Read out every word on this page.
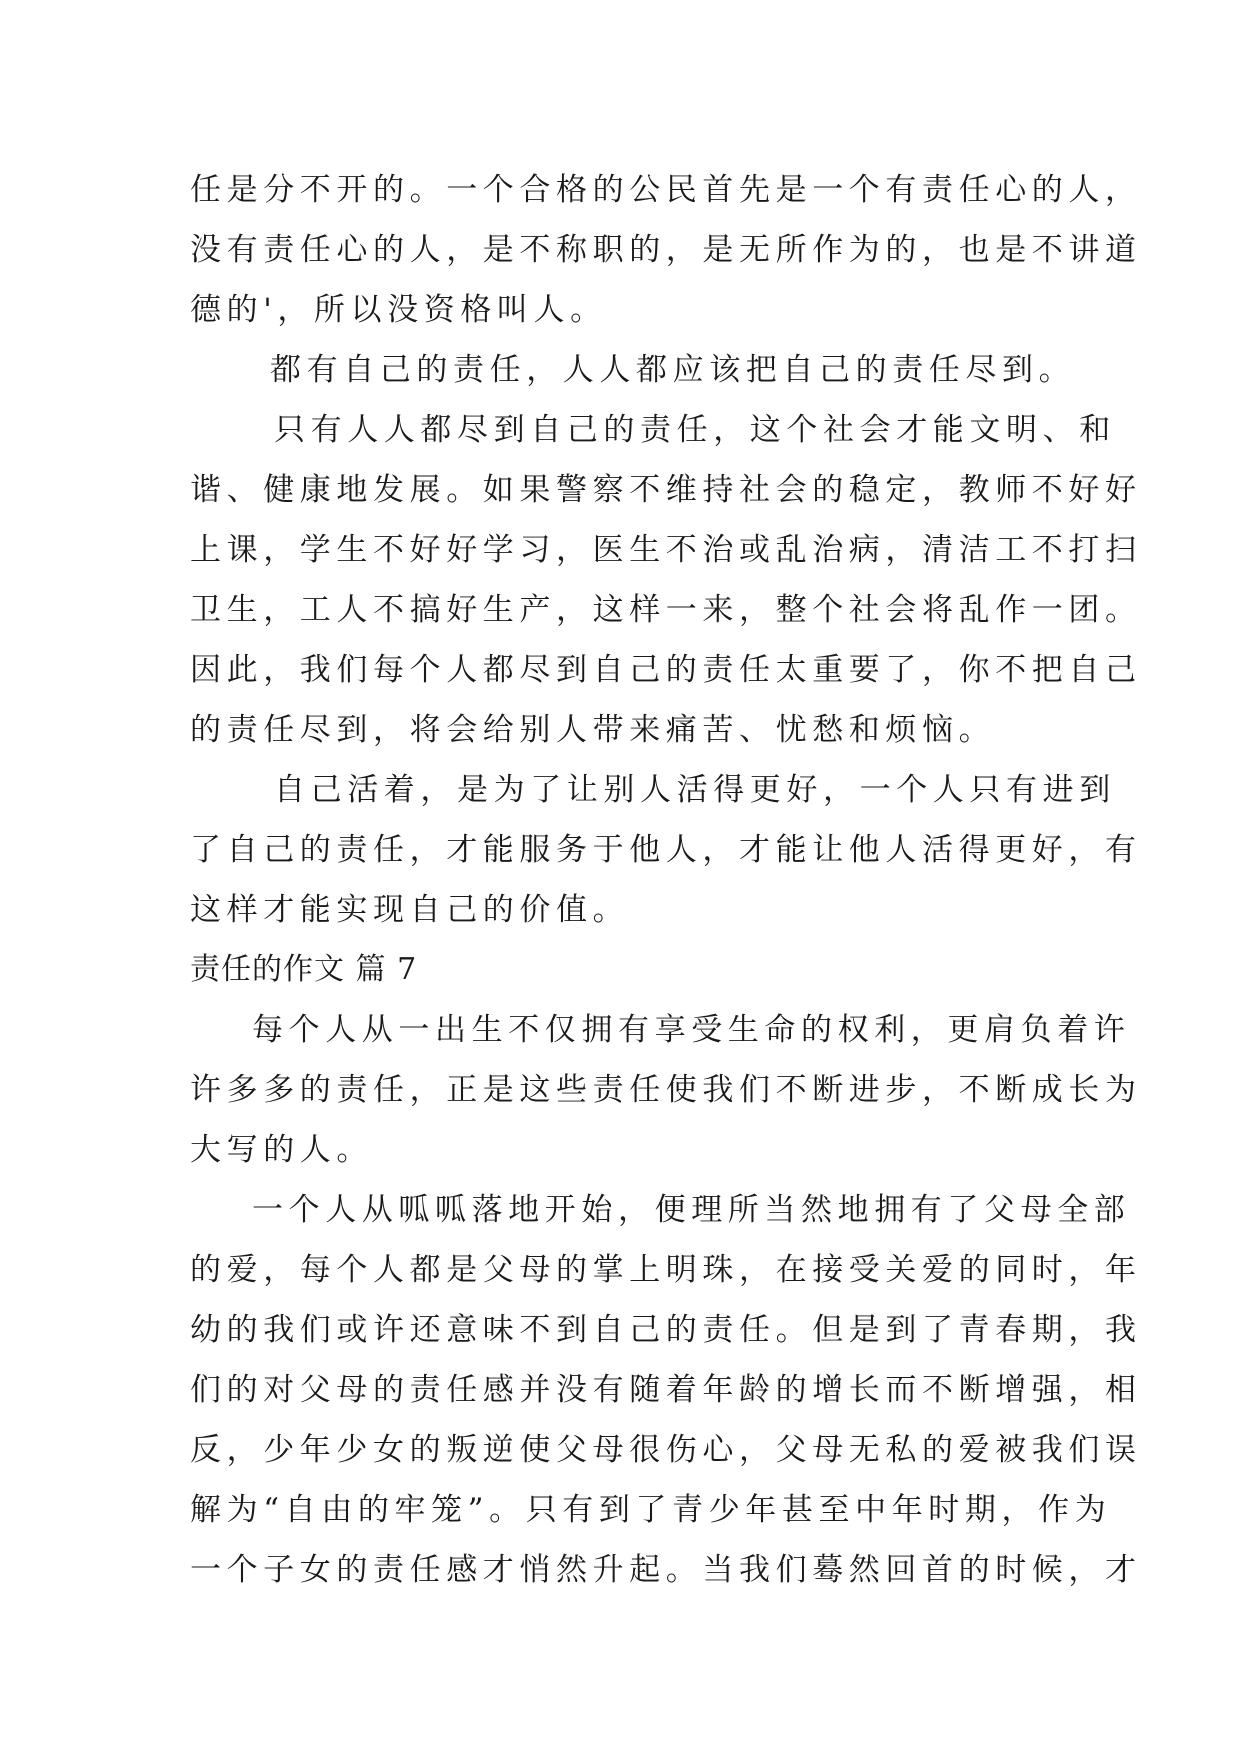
任是分不开的。一个合格的公民首先是一个有责任心的人，
没有责任心的人，是不称职的，是无所作为的，也是不讲道
德的'，所以没资格叫人。
都有自己的责任，人人都应该把自己的责任尽到。
只有人人都尽到自己的责任，这个社会才能文明、和
谐、健康地发展。如果警察不维持社会的稳定，教师不好好
上课，学生不好好学习，医生不治或乱治病，清洁工不打扫
卫生，工人不搞好生产，这样一来，整个社会将乱作一团。
因此，我们每个人都尽到自己的责任太重要了，你不把自己
的责任尽到，将会给别人带来痛苦、忧愁和烦恼。
自己活着，是为了让别人活得更好，一个人只有进到
了自己的责任，才能服务于他人，才能让他人活得更好，有
这样才能实现自己的价值。
责任的作文 篇 7
每个人从一出生不仅拥有享受生命的权利，更肩负着许
许多多的责任，正是这些责任使我们不断进步，不断成长为
大写的人。
一个人从呱呱落地开始，便理所当然地拥有了父母全部
的爱，每个人都是父母的掌上明珠，在接受关爱的同时，年
幼的我们或许还意味不到自己的责任。但是到了青春期，我
们的对父母的责任感并没有随着年龄的增长而不断增强，相
反，少年少女的叛逆使父母很伤心，父母无私的爱被我们误
解为“自由的牢笼”。只有到了青少年甚至中年时期，作为
一个子女的责任感才悄然升起。当我们蓦然回首的时候，才
